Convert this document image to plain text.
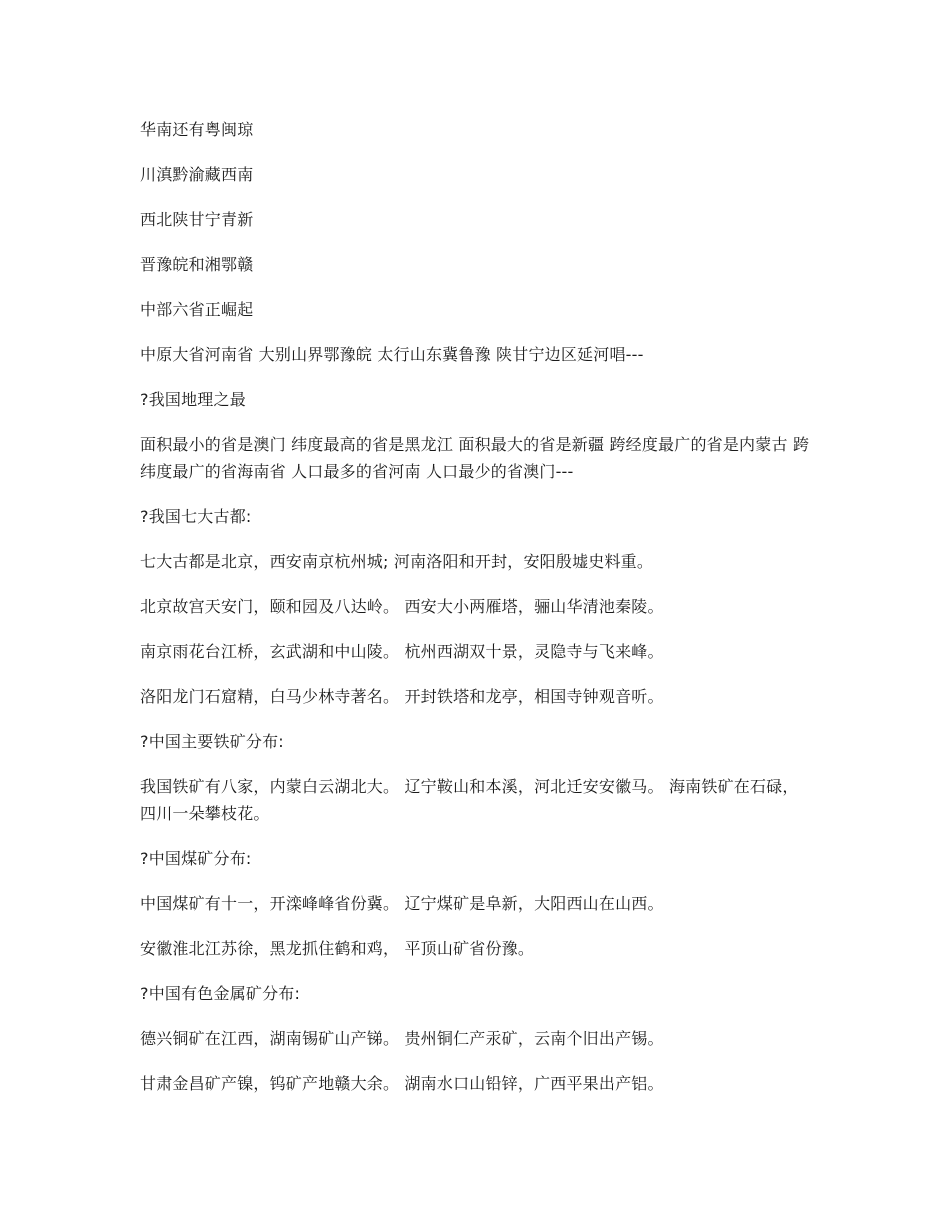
华南还有粤闽琼

川滇黔渝藏西南

西北陕甘宁青新

晋豫皖和湘鄂赣

中部六省正崛起

中原大省河南省 大别山界鄂豫皖 太行山东冀鲁豫 陕甘宁边区延河唱---

?我国地理之最

面积最小的省是澳门 纬度最高的省是黑龙江 面积最大的省是新疆 跨经度最广的省是内蒙古 跨纬度最广的省海南省 人口最多的省河南 人口最少的省澳门---

?我国七大古都:

七大古都是北京，西安南京杭州城; 河南洛阳和开封，安阳殷墟史料重。

北京故宫天安门，颐和园及八达岭。 西安大小两雁塔，骊山华清池秦陵。

南京雨花台江桥，玄武湖和中山陵。 杭州西湖双十景，灵隐寺与飞来峰。

洛阳龙门石窟精，白马少林寺著名。 开封铁塔和龙亭，相国寺钟观音听。

?中国主要铁矿分布:

我国铁矿有八家，内蒙白云湖北大。 辽宁鞍山和本溪，河北迁安安徽马。 海南铁矿在石碌，四川一朵攀枝花。

?中国煤矿分布:

中国煤矿有十一，开滦峰峰省份冀。 辽宁煤矿是阜新，大阳西山在山西。

安徽淮北江苏徐，黑龙抓住鹤和鸡， 平顶山矿省份豫。

?中国有色金属矿分布:

德兴铜矿在江西，湖南锡矿山产锑。 贵州铜仁产汞矿，云南个旧出产锡。

甘肃金昌矿产镍，钨矿产地赣大余。 湖南水口山铅锌，广西平果出产铝。
